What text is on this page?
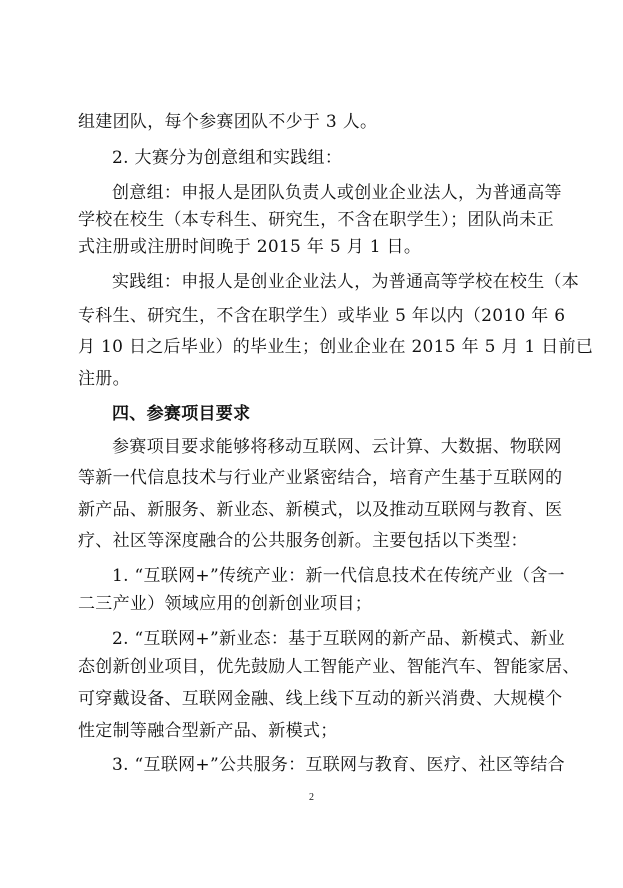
组建团队，每个参赛团队不少于 3 人。
2. 大赛分为创意组和实践组：
创意组：申报人是团队负责人或创业企业法人，为普通高等
学校在校生（本专科生、研究生，不含在职学生）；团队尚未正
式注册或注册时间晚于 2015 年 5 月 1 日。
实践组：申报人是创业企业法人，为普通高等学校在校生（本
专科生、研究生，不含在职学生）或毕业 5 年以内（2010 年 6
月 10 日之后毕业）的毕业生；创业企业在 2015 年 5 月 1 日前已
注册。
四、参赛项目要求
参赛项目要求能够将移动互联网、云计算、大数据、物联网
等新一代信息技术与行业产业紧密结合，培育产生基于互联网的
新产品、新服务、新业态、新模式，以及推动互联网与教育、医
疗、社区等深度融合的公共服务创新。主要包括以下类型：
1. “互联网+”传统产业：新一代信息技术在传统产业（含一
二三产业）领域应用的创新创业项目；
2. “互联网+”新业态：基于互联网的新产品、新模式、新业
态创新创业项目，优先鼓励人工智能产业、智能汽车、智能家居、
可穿戴设备、互联网金融、线上线下互动的新兴消费、大规模个
性定制等融合型新产品、新模式；
3. “互联网+”公共服务：互联网与教育、医疗、社区等结合
2
